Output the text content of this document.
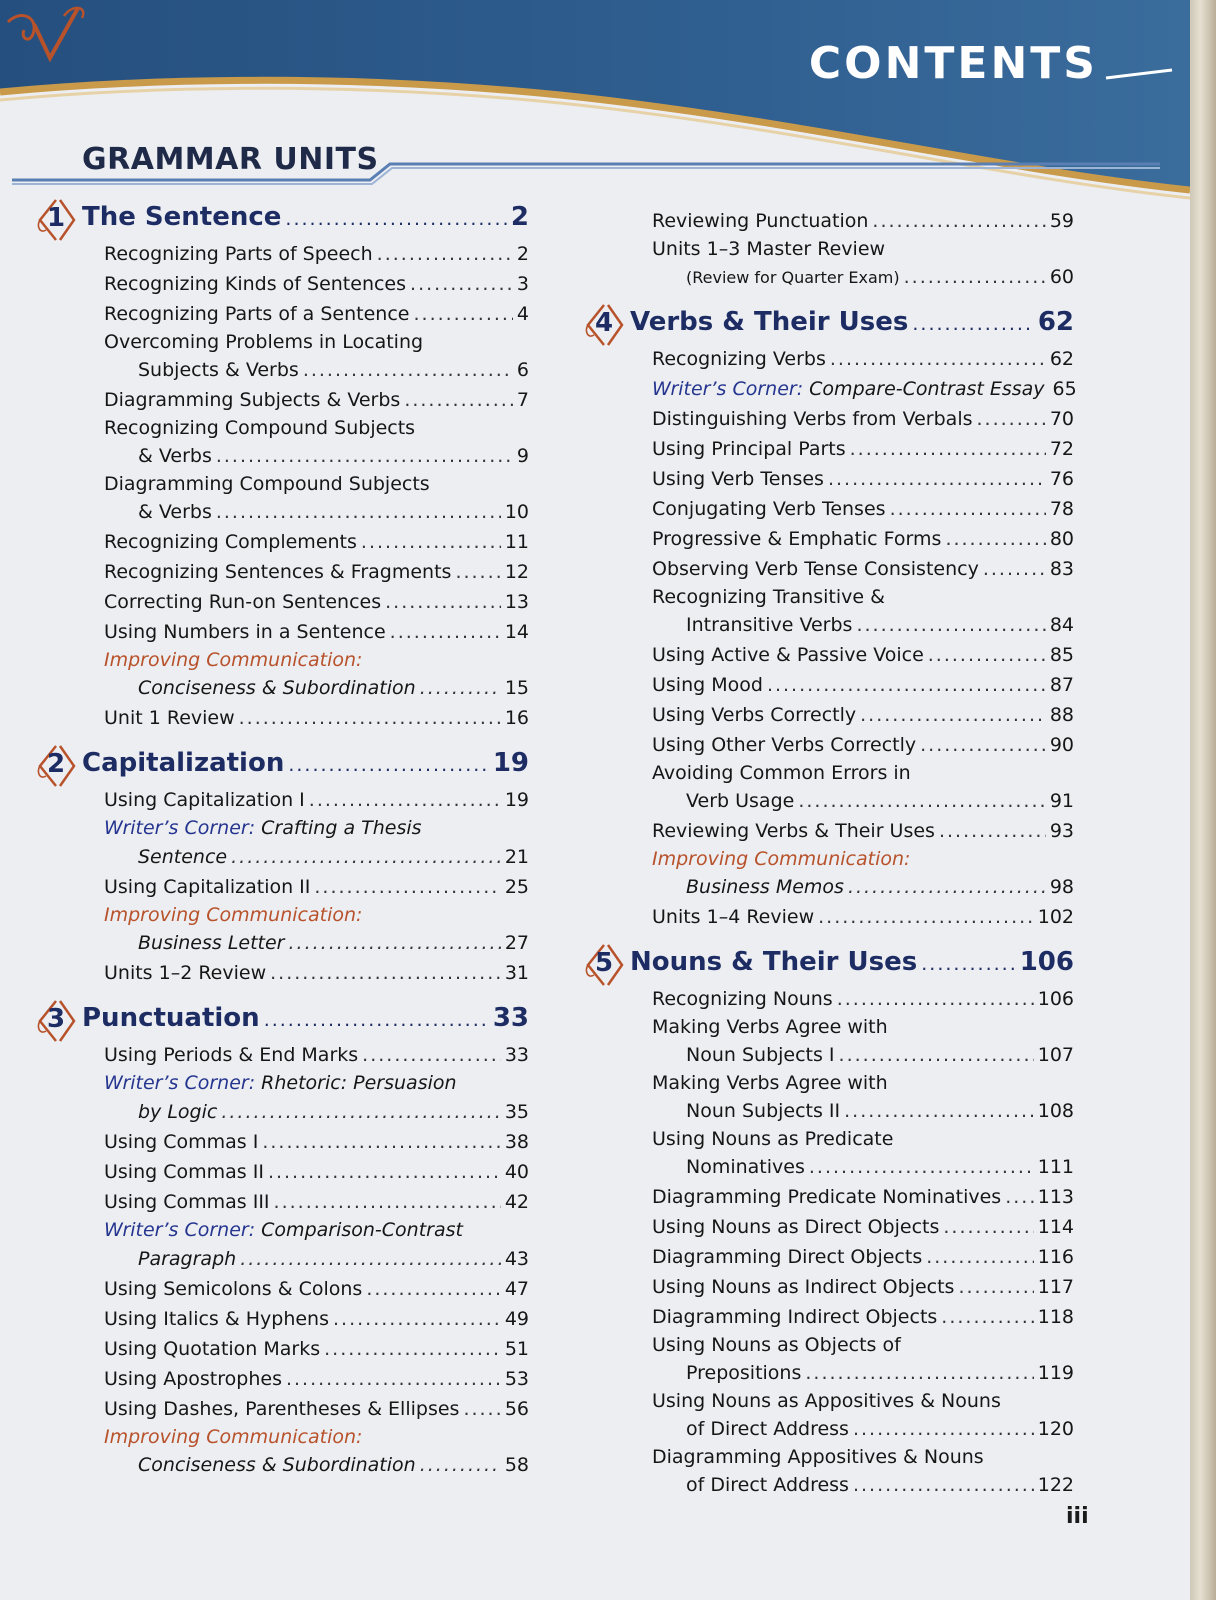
CONTENTS
GRAMMAR UNITS
1 The Sentence .....	2
Recognizing Parts of Speech .....	2
Recognizing Kinds of Sentences .....	3
Recognizing Parts of a Sentence .....	4
Overcoming Problems in Locating
Subjects & Verbs .....	6
Diagramming Subjects & Verbs .....	7
Recognizing Compound Subjects
& Verbs .....	9
Diagramming Compound Subjects
& Verbs .....	10
Recognizing Complements .....	11
Recognizing Sentences & Fragments .....	12
Correcting Run-on Sentences .....	13
Using Numbers in a Sentence .....	14
Improving Communication:
Conciseness & Subordination .....	15
Unit 1 Review .....	16
2 Capitalization .....	19
Using Capitalization I .....	19
Writer’s Corner: Crafting a Thesis
Sentence .....	21
Using Capitalization II .....	25
Improving Communication:
Business Letter .....	27
Units 1–2 Review .....	31
3 Punctuation .....	33
Using Periods & End Marks .....	33
Writer’s Corner: Rhetoric: Persuasion
by Logic .....	35
Using Commas I .....	38
Using Commas II .....	40
Using Commas III .....	42
Writer’s Corner: Comparison-Contrast
Paragraph .....	43
Using Semicolons & Colons .....	47
Using Italics & Hyphens .....	49
Using Quotation Marks .....	51
Using Apostrophes .....	53
Using Dashes, Parentheses & Ellipses ..... 56
Improving Communication:
Conciseness & Subordination .....	58
Reviewing Punctuation .....	59
Units 1–3 Master Review
(Review for Quarter Exam) .....	60
4 Verbs & Their Uses .....	62
Recognizing Verbs .....	62
Writer’s Corner: Compare-Contrast Essay 65
Distinguishing Verbs from Verbals .....	70
Using Principal Parts .....	72
Using Verb Tenses .....	76
Conjugating Verb Tenses .....	78
Progressive & Emphatic Forms .....	80
Observing Verb Tense Consistency .....	83
Recognizing Transitive &
Intransitive Verbs .....	84
Using Active & Passive Voice .....	85
Using Mood .....	87
Using Verbs Correctly .....	88
Using Other Verbs Correctly .....	90
Avoiding Common Errors in
Verb Usage .....	91
Reviewing Verbs & Their Uses .....	93
Improving Communication:
Business Memos .....	98
Units 1–4 Review .....	102
5 Nouns & Their Uses .....	106
Recognizing Nouns .....	106
Making Verbs Agree with
Noun Subjects I .....	107
Making Verbs Agree with
Noun Subjects II .....	108
Using Nouns as Predicate
Nominatives .....	111
Diagramming Predicate Nominatives ..... 113
Using Nouns as Direct Objects .....	114
Diagramming Direct Objects .....	116
Using Nouns as Indirect Objects .....	117
Diagramming Indirect Objects .....	118
Using Nouns as Objects of
Prepositions .....	119
Using Nouns as Appositives & Nouns
of Direct Address .....	120
Diagramming Appositives & Nouns
of Direct Address .....	122
iii
